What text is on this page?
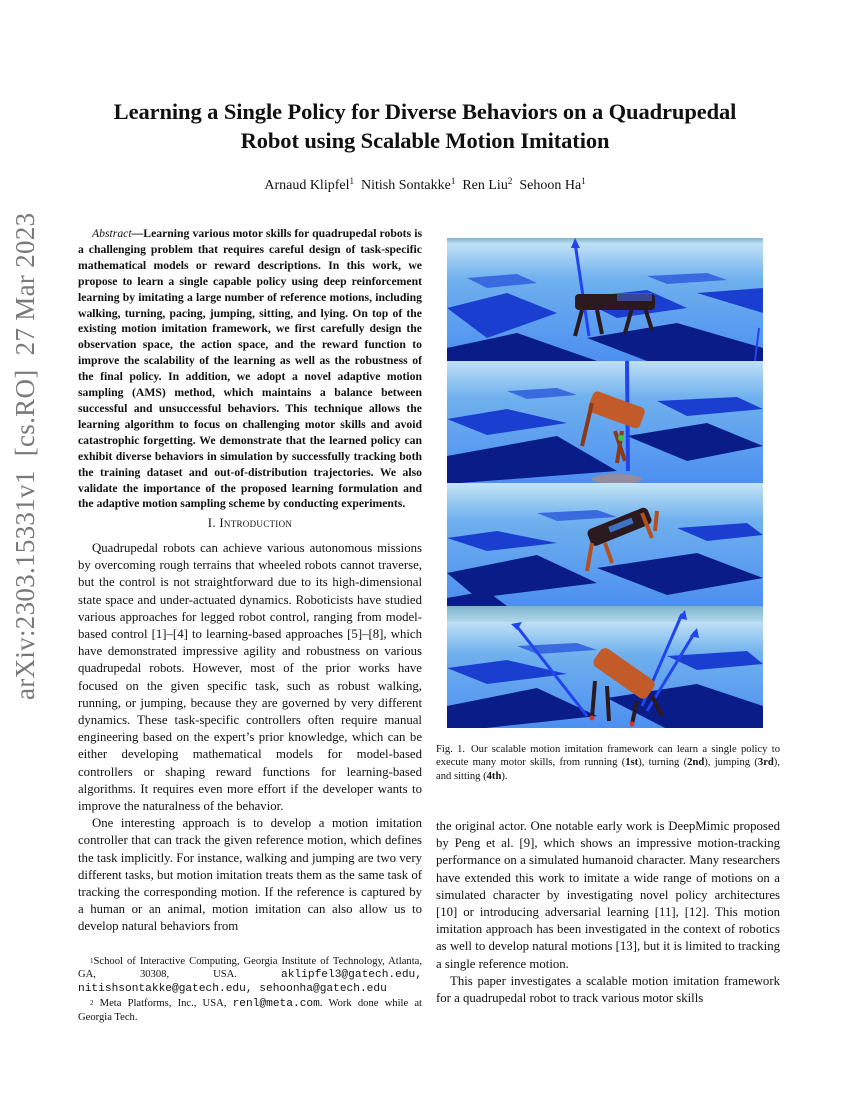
Learning a Single Policy for Diverse Behaviors on a Quadrupedal
Robot using Scalable Motion Imitation
Arnaud Klipfel$^1$ Nitish Sontakke$^1$ Ren Liu$^2$ Sehoon Ha$^1$
arXiv:2303.15331v1  [cs.RO]  27 Mar 2023	Abstract—Learning various motor skills for quadrupedal robots is a challenging problem that requires careful design of task-specific mathematical models or reward descriptions. In this work, we propose to learn a single capable policy using deep reinforcement learning by imitating a large number of reference motions, including walking, turning, pacing, jumping, sitting, and lying. On top of the existing motion imitation framework, we first carefully design the observation space, the action space, and the reward function to improve the scalability of the learning as well as the robustness of the final policy. In addition, we adopt a novel adaptive motion sampling (AMS) method, which maintains a balance between successful and unsuccessful behaviors. This technique allows the learning algorithm to focus on challenging motor skills and avoid catastrophic forgetting. We demonstrate that the learned policy can exhibit diverse behaviors in simulation by successfully tracking both the training dataset and out-of-distribution trajectories. We also validate the importance of the proposed learning formulation and the adaptive motion sampling scheme by conducting experiments.
I. Introduction

Quadrupedal robots can achieve various autonomous missions by overcoming rough terrains that wheeled robots cannot traverse, but the control is not straightforward due to its high-dimensional state space and under-actuated dynamics. Roboticists have studied various approaches for legged robot control, ranging from model-based control [1]–[4] to learning-based approaches [5]–[8], which have demonstrated impressive agility and robustness on various quadrupedal robots. However, most of the prior works have focused on the given specific task, such as robust walking, running, or jumping, because they are governed by very different dynamics. These task-specific controllers often require manual engineering based on the expert’s prior knowledge, which can be either developing mathematical models for model-based controllers or shaping reward functions for learning-based algorithms. It requires even more effort if the developer wants to improve the naturalness of the behavior.

One interesting approach is to develop a motion imitation controller that can track the given reference motion, which defines the task implicitly. For instance, walking and jumping are two very different tasks, but motion imitation treats them as the same task of tracking the corresponding motion. If the reference is captured by a human or an animal, motion imitation can also allow us to develop natural behaviors from

$^1$School of Interactive Computing, Georgia Institute of Technology, Atlanta, GA, 30308, USA.	aklipfel3@gatech.edu, nitishsontakke@gatech.edu, sehoonha@gatech.edu

$^2$ Meta Platforms, Inc., USA, renl@meta.com. Work done while at Georgia Tech.

Fig. 1. Our scalable motion imitation framework can learn a single policy to execute many motor skills, from running (1st), turning (2nd), jumping (3rd), and sitting (4th).

the original actor. One notable early work is DeepMimic proposed by Peng et al. [9], which shows an impressive motion-tracking performance on a simulated humanoid character. Many researchers have extended this work to imitate a wide range of motions on a simulated character by investigating novel policy architectures [10] or introducing adversarial learning [11], [12]. This motion imitation approach has been investigated in the context of robotics as well to develop natural motions [13], but it is limited to tracking a single reference motion.

This paper investigates a scalable motion imitation framework for a quadrupedal robot to track various motor skills
